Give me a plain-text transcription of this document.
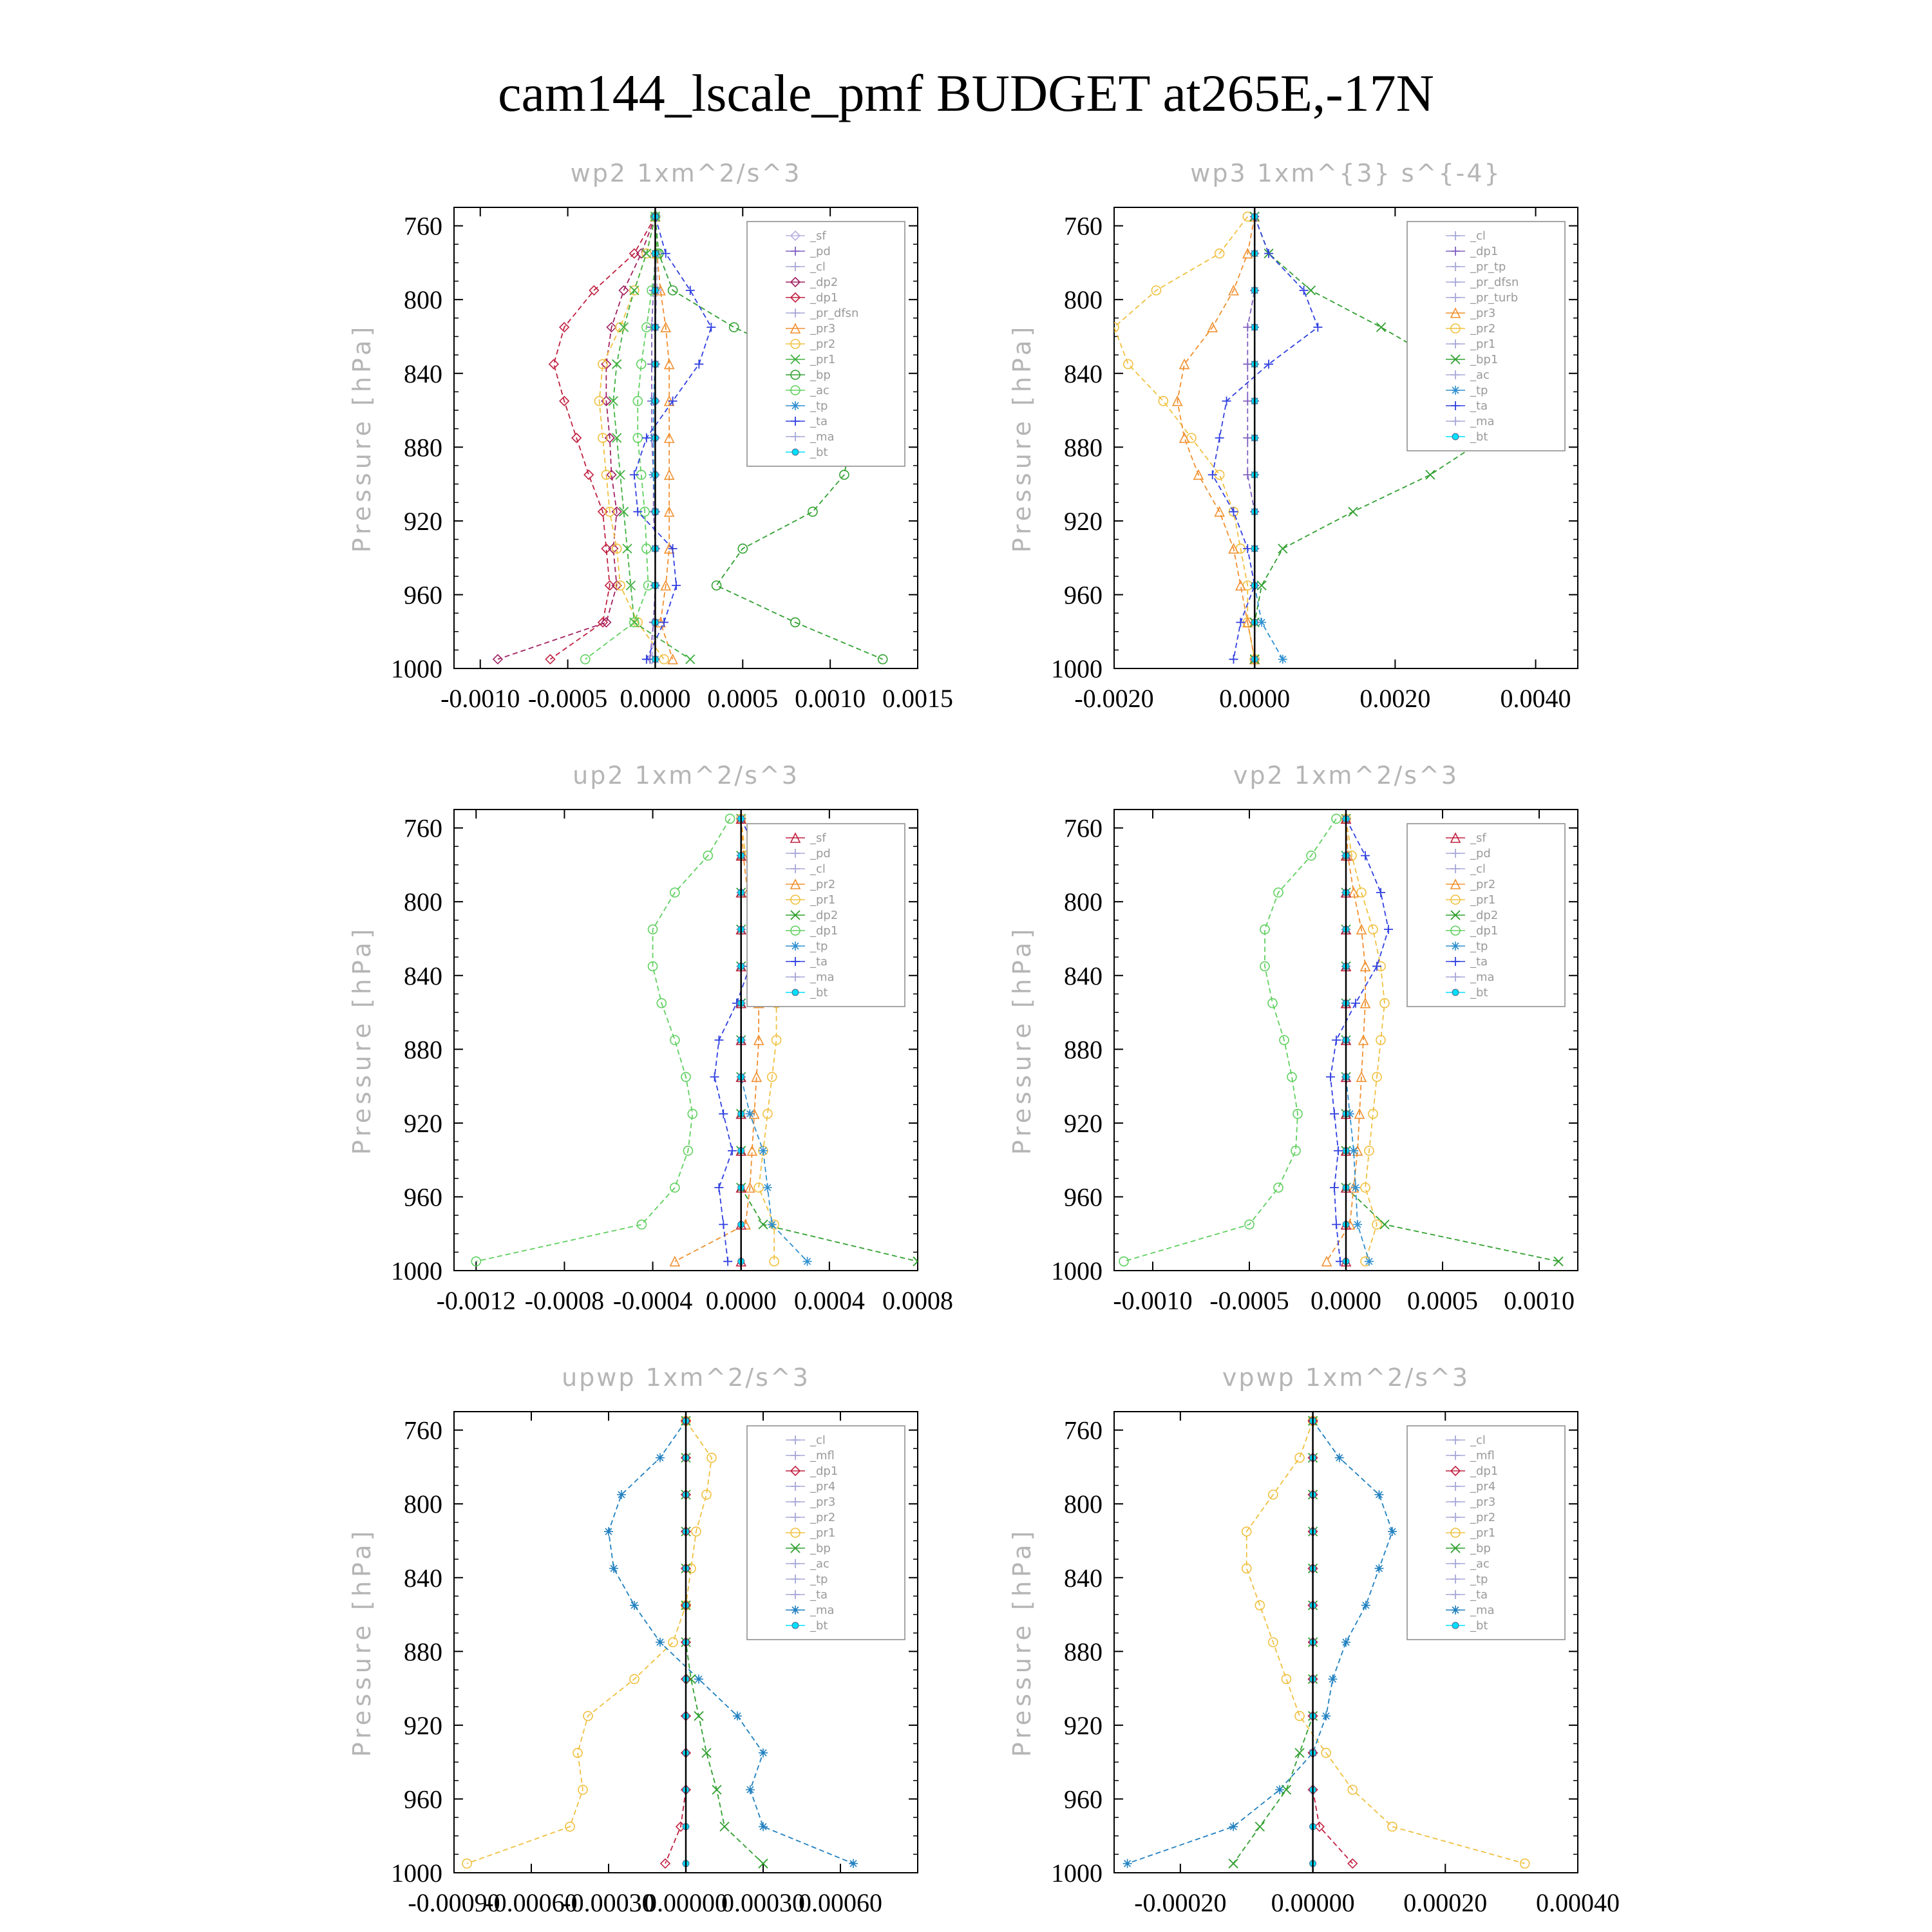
cam144_lscale_pmf BUDGET at265E,-17N
wp2 1xm^2/s^3
Pressure [hPa]
760
800
840
880
920
960
1000
-0.0010 -0.0005 0.0000 0.0005 0.0010 0.0015
_sf
_pd
_cl
_dp2
_dp1
_pr_dfsn
_pr3
_pr2
_pr1
_bp
_ac
_tp
_ta
_ma
_bt
wp3 1xm^{3} s^{-4}
Pressure [hPa]
760
800
840
880
920
960
1000
-0.0020	0.0000	0.0020	0.0040
_cl
_dp1
_pr_tp
_pr_dfsn
_pr_turb
_pr3
_pr2
_pr1
_bp1
_ac
_tp
_ta
_ma
_bt
up2 1xm^2/s^3
Pressure [hPa]
760
800
840
880
920
960
1000
-0.0012 -0.0008 -0.0004 0.0000 0.0004 0.0008
_sf
_pd
_cl
_pr2
_pr1
_dp2
_dp1
_tp
_ta
_ma
_bt
vp2 1xm^2/s^3
Pressure [hPa]
760
800
840
880
920
960
1000
-0.0010 -0.0005 0.0000 0.0005 0.0010
_sf
_pd
_cl
_pr2
_pr1
_dp2
_dp1
_tp
_ta
_ma
_bt
upwp 1xm^2/s^3
Pressure [hPa]
760
800
840
880
920
960
1000
-0.00090
-0.00060
-0.00030
0.00000
0.00030
0.00060
_cl
_mfl
_dp1
_pr4
_pr3
_pr2
_pr1
_bp
_ac
_tp
_ta
_ma
_bt
vpwp 1xm^2/s^3
Pressure [hPa]
760
800
840
880
920
960
1000
-0.00020 0.00000 0.00020 0.00040
_cl
_mfl
_dp1
_pr4
_pr3
_pr2
_pr1
_bp
_ac
_tp
_ta
_ma
_bt
